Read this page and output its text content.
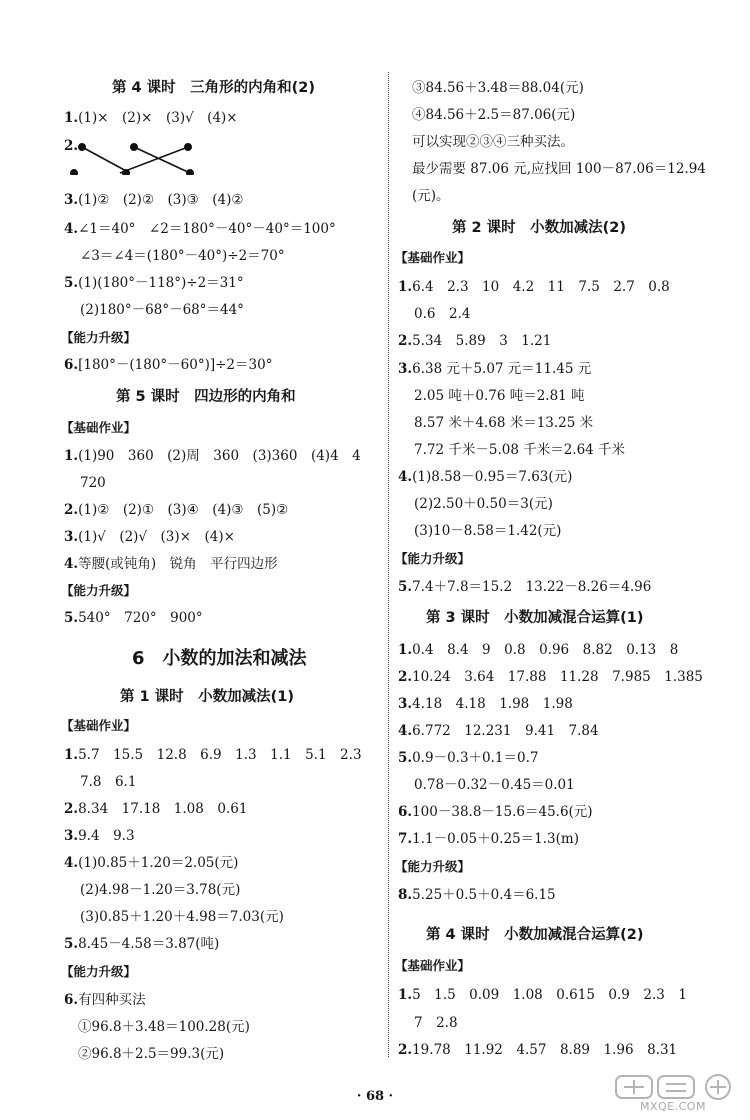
第 4 课时　三角形的内角和(2)
1.(1)×　(2)×　(3)√　(4)×
2.
3.(1)②　(2)②　(3)③　(4)②
4.∠1＝40°　∠2＝180°－40°－40°＝100°
∠3＝∠4＝(180°－40°)÷2＝70°
5.(1)(180°－118°)÷2＝31°
(2)180°－68°－68°＝44°
【能力升级】
6.[180°－(180°－60°)]÷2＝30°
第 5 课时　四边形的内角和
【基础作业】
1.(1)90　360　(2)周　360　(3)360　(4)4　4
720
2.(1)②　(2)①　(3)④　(4)③　(5)②
3.(1)√　(2)√　(3)×　(4)×
4.等腰(或钝角)　锐角　平行四边形
【能力升级】
5.540°　720°　900°
6　小数的加法和减法
第 1 课时　小数加减法(1)
【基础作业】
1.5.7　15.5　12.8　6.9　1.3　1.1　5.1　2.3
7.8　6.1
2.8.34　17.18　1.08　0.61
3.9.4　9.3
4.(1)0.85＋1.20＝2.05(元)
(2)4.98－1.20＝3.78(元)
(3)0.85＋1.20＋4.98＝7.03(元)
5.8.45－4.58＝3.87(吨)
【能力升级】
6.有四种买法
①96.8＋3.48＝100.28(元)
②96.8＋2.5＝99.3(元)
③84.56＋3.48＝88.04(元)
④84.56＋2.5＝87.06(元)
可以实现②③④三种买法。
最少需要 87.06 元,应找回 100－87.06＝12.94
(元)。
第 2 课时　小数加减法(2)
【基础作业】
1.6.4　2.3　10　4.2　11　7.5　2.7　0.8
0.6　2.4
2.5.34　5.89　3　1.21
3.6.38 元＋5.07 元＝11.45 元
2.05 吨＋0.76 吨＝2.81 吨
8.57 米＋4.68 米＝13.25 米
7.72 千米－5.08 千米＝2.64 千米
4.(1)8.58－0.95＝7.63(元)
(2)2.50＋0.50＝3(元)
(3)10－8.58＝1.42(元)
【能力升级】
5.7.4＋7.8＝15.2　13.22－8.26＝4.96
第 3 课时　小数加减混合运算(1)
1.0.4　8.4　9　0.8　0.96　8.82　0.13　8
2.10.24　3.64　17.88　11.28　7.985　1.385
3.4.18　4.18　1.98　1.98
4.6.772　12.231　9.41　7.84
5.0.9－0.3＋0.1＝0.7
0.78－0.32－0.45＝0.01
6.100－38.8－15.6＝45.6(元)
7.1.1－0.05＋0.25＝1.3(m)
【能力升级】
8.5.25＋0.5＋0.4＝6.15
第 4 课时　小数加减混合运算(2)
【基础作业】
1.5　1.5　0.09　1.08　0.615　0.9　2.3　1
7　2.8
2.19.78　11.92　4.57　8.89　1.96　8.31
· 68 ·
MXQE.COM
